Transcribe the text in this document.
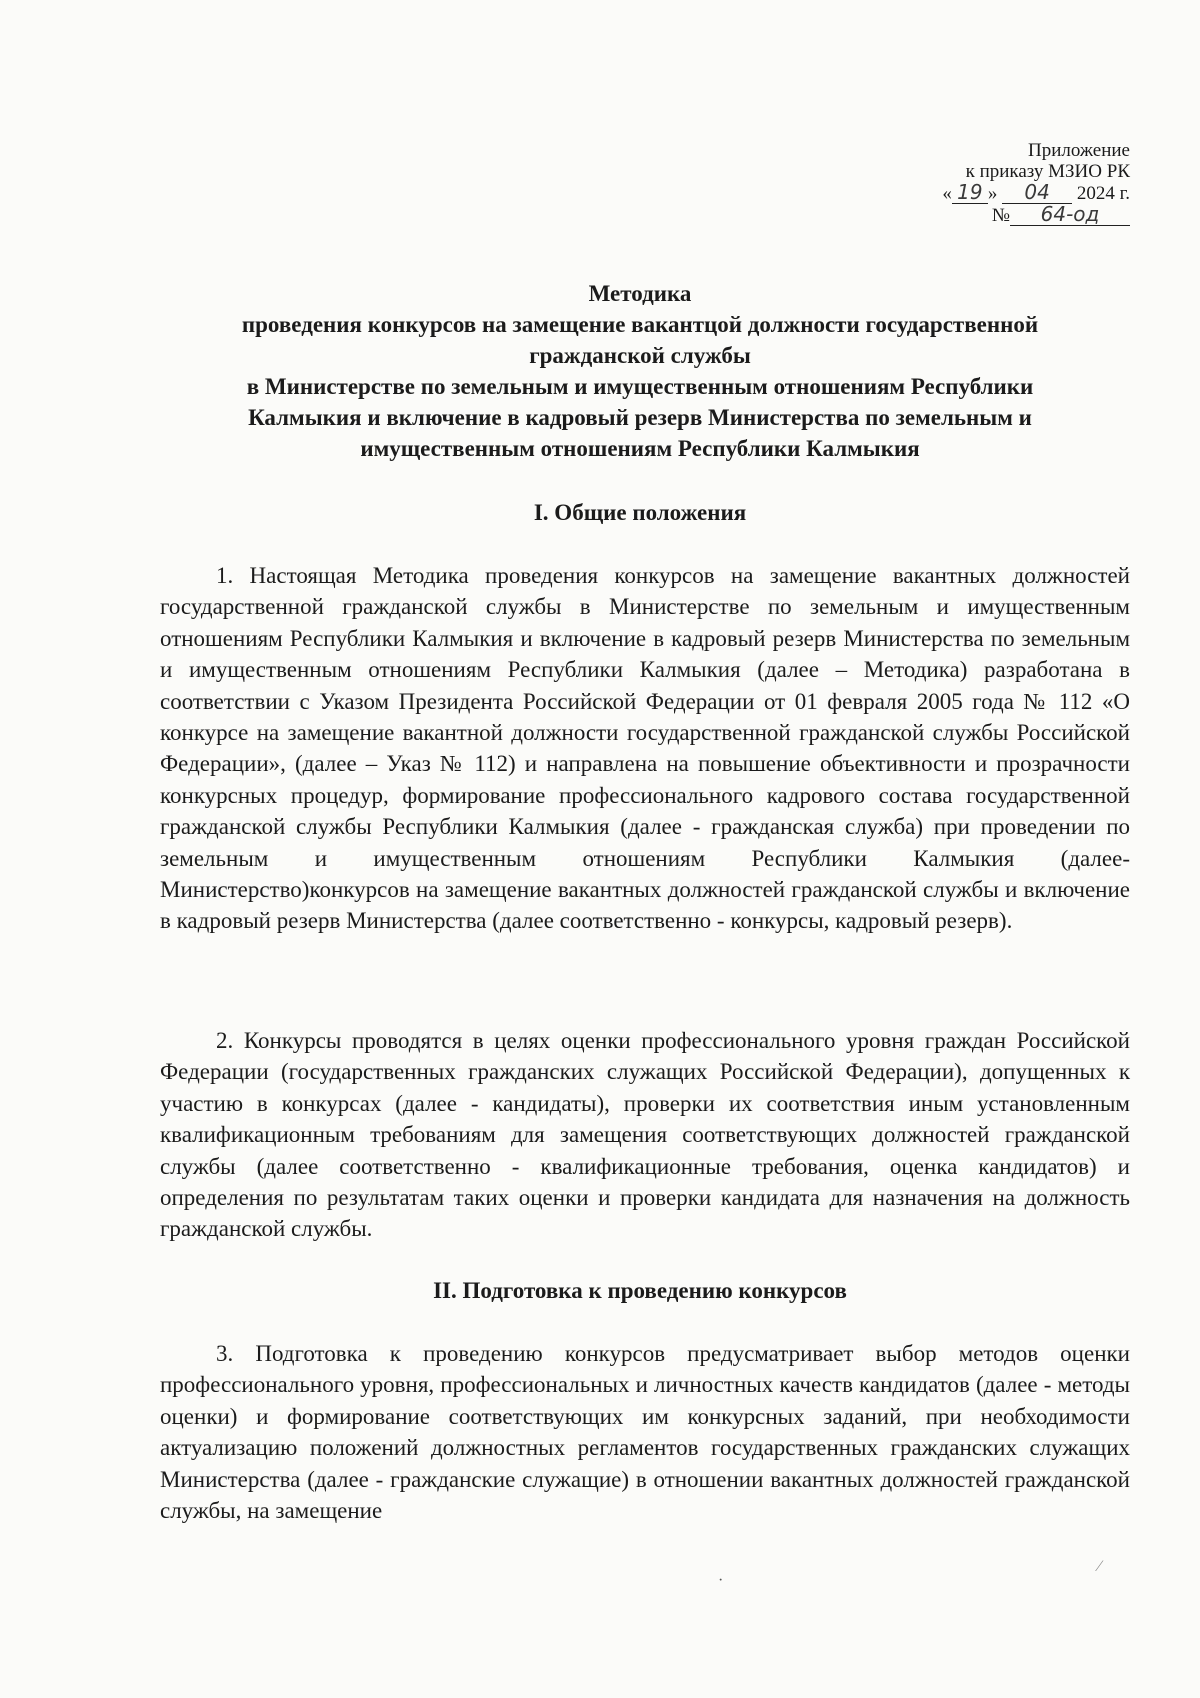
Приложение
к приказу МЗИО РК
« 19 » 04 2024 г.
№ 64-од
Методика
проведения конкурсов на замещение вакантцой должности государственной
гражданской службы
в Министерстве по земельным и имущественным отношениям Республики
Калмыкия и включение в кадровый резерв Министерства по земельным и
имущественным отношениям Республики Калмыкия
I. Общие положения
1. Настоящая Методика проведения конкурсов на замещение вакантных должностей государственной гражданской службы в Министерстве по земельным и имущественным отношениям Республики Калмыкия и включение в кадровый резерв Министерства по земельным и имущественным отношениям Республики Калмыкия (далее – Методика) разработана в соответствии с Указом Президента Российской Федерации от 01 февраля 2005 года № 112 «О конкурсе на замещение вакантной должности государственной гражданской службы Российской Федерации», (далее – Указ № 112) и направлена на повышение объективности и прозрачности конкурсных процедур, формирование профессионального кадрового состава государственной гражданской службы Республики Калмыкия (далее - гражданская служба) при проведении по земельным и имущественным отношениям Республики Калмыкия (далее- Министерство)конкурсов на замещение вакантных должностей гражданской службы и включение в кадровый резерв Министерства (далее соответственно - конкурсы, кадровый резерв).
2. Конкурсы проводятся в целях оценки профессионального уровня граждан Российской Федерации (государственных гражданских служащих Российской Федерации), допущенных к участию в конкурсах (далее - кандидаты), проверки их соответствия иным установленным квалификационным требованиям для замещения соответствующих должностей гражданской службы (далее соответственно - квалификационные требования, оценка кандидатов) и определения по результатам таких оценки и проверки кандидата для назначения на должность гражданской службы.
II. Подготовка к проведению конкурсов
3. Подготовка к проведению конкурсов предусматривает выбор методов оценки профессионального уровня, профессиональных и личностных качеств кандидатов (далее - методы оценки) и формирование соответствующих им конкурсных заданий, при необходимости актуализацию положений должностных регламентов государственных гражданских служащих Министерства (далее - гражданские служащие) в отношении вакантных должностей гражданской службы, на замещение
·
⁄
